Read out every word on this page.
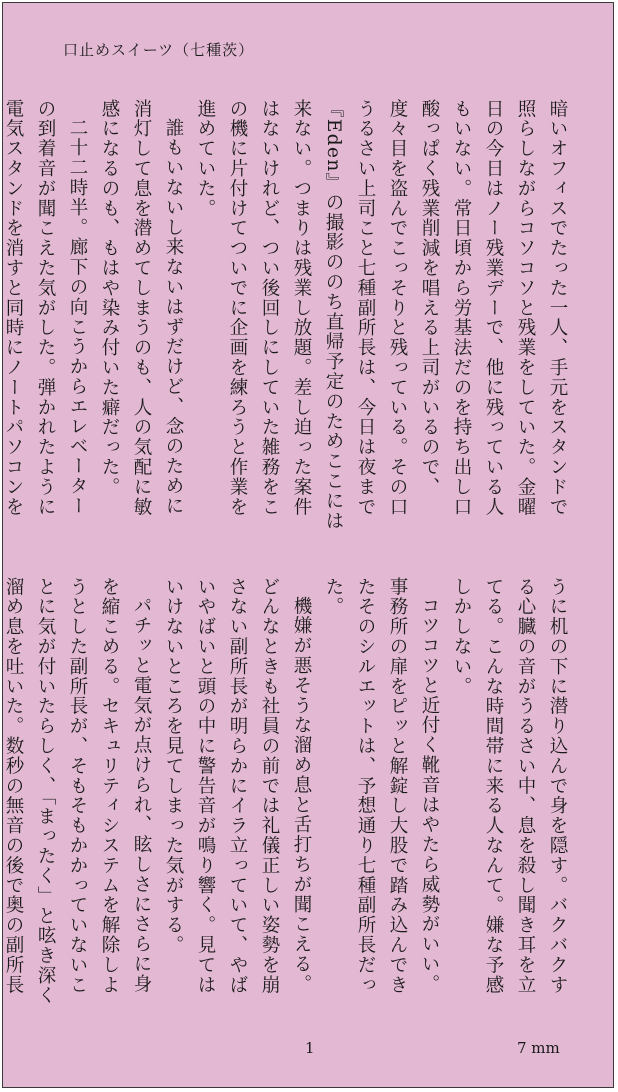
口止めスイーツ（七種茨）

暗いオフィスでたった一人、手元をスタンドで照らしながらコソコソと残業をしていた。金曜日の今日はノー残業デーで、他に残っている人もいない。常日頃から労基法だのを持ち出し口酸っぱく残業削減を唱える上司がいるので、度々目を盗んでこっそりと残っている。その口うるさい上司こと七種副所長は、今日は夜まで『Eden』の撮影ののち直帰予定のためここには来ない。つまりは残業し放題。差し迫った案件はないけれど、つい後回しにしていた雑務をこの機に片付けてついでに企画を練ろうと作業を進めていた。

誰もいないし来ないはずだけど、念のために消灯して息を潜めてしまうのも、人の気配に敏感になるのも、もはや染み付いた癖だった。

二十二時半。廊下の向こうからエレベーターの到着音が聞こえた気がした。弾かれたように電気スタンドを消すと同時にノートパソコンを

うに机の下に潜り込んで身を隠す。バクバクする心臓の音がうるさい中、息を殺し聞き耳を立てる。こんな時間帯に来る人なんて。嫌な予感しかしない。

コツコツと近付く靴音はやたら威勢がいい。事務所の扉をピッと解錠し大股で踏み込んできたそのシルエットは、予想通り七種副所長だった。

機嫌が悪そうな溜め息と舌打ちが聞こえる。どんなときも社員の前では礼儀正しい姿勢を崩さない副所長が明らかにイラ立っていて、やばいやばいと頭の中に警告音が鳴り響く。見てはいけないところを見てしまった気がする。

パチッと電気が点けられ、眩しさにさらに身を縮こめる。セキュリティシステムを解除しようとした副所長が、そもそもかかっていないことに気が付いたらしく、「まったく」と呟き深く溜め息を吐いた。数秒の無音の後で奥の副所長

1	7 mm
